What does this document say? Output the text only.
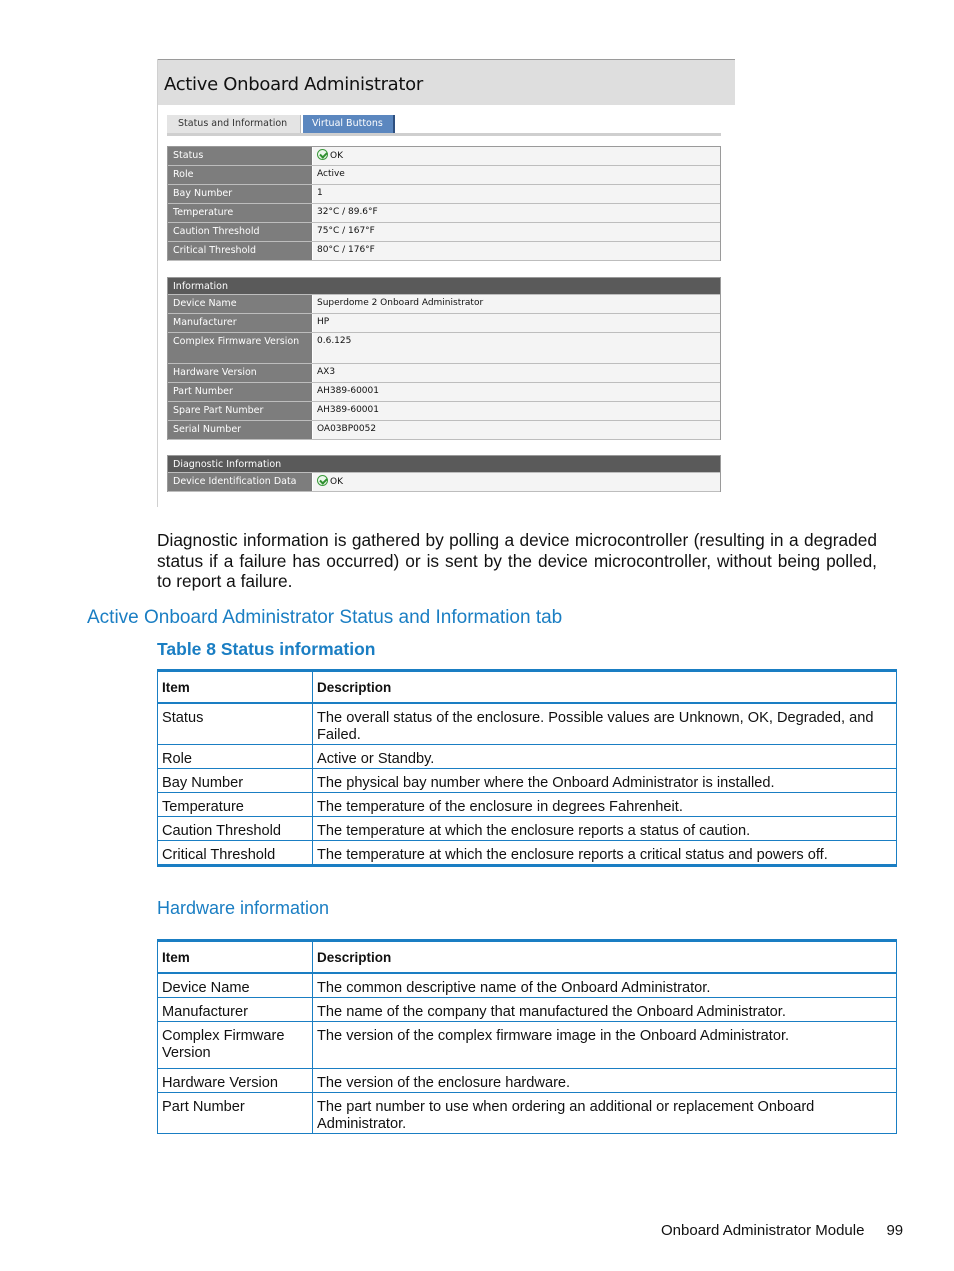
Active Onboard Administrator
Status and Information	Virtual Buttons
Status	OK
Role	Active
Bay Number	1
Temperature	32°C / 89.6°F
Caution Threshold	75°C / 167°F
Critical Threshold	80°C / 176°F
Information
Device Name	Superdome 2 Onboard Administrator
Manufacturer	HP
Complex Firmware Version	0.6.125
Hardware Version	AX3
Part Number	AH389-60001
Spare Part Number	AH389-60001
Serial Number	OA03BP0052
Diagnostic Information
Device Identification Data	OK
Diagnostic information is gathered by polling a device microcontroller (resulting in a degraded status if a failure has occurred) or is sent by the device microcontroller, without being polled, to report a failure.
Active Onboard Administrator Status and Information tab
Table 8 Status information
Item	Description
Status	The overall status of the enclosure. Possible values are Unknown, OK, Degraded, and Failed.
Role	Active or Standby.
Bay Number	The physical bay number where the Onboard Administrator is installed.
Temperature	The temperature of the enclosure in degrees Fahrenheit.
Caution Threshold	The temperature at which the enclosure reports a status of caution.
Critical Threshold	The temperature at which the enclosure reports a critical status and powers off.
Hardware information
Item	Description
Device Name	The common descriptive name of the Onboard Administrator.
Manufacturer	The name of the company that manufactured the Onboard Administrator.
Complex Firmware Version	The version of the complex firmware image in the Onboard Administrator.
Hardware Version	The version of the enclosure hardware.
Part Number	The part number to use when ordering an additional or replacement Onboard Administrator.
Onboard Administrator Module 99
